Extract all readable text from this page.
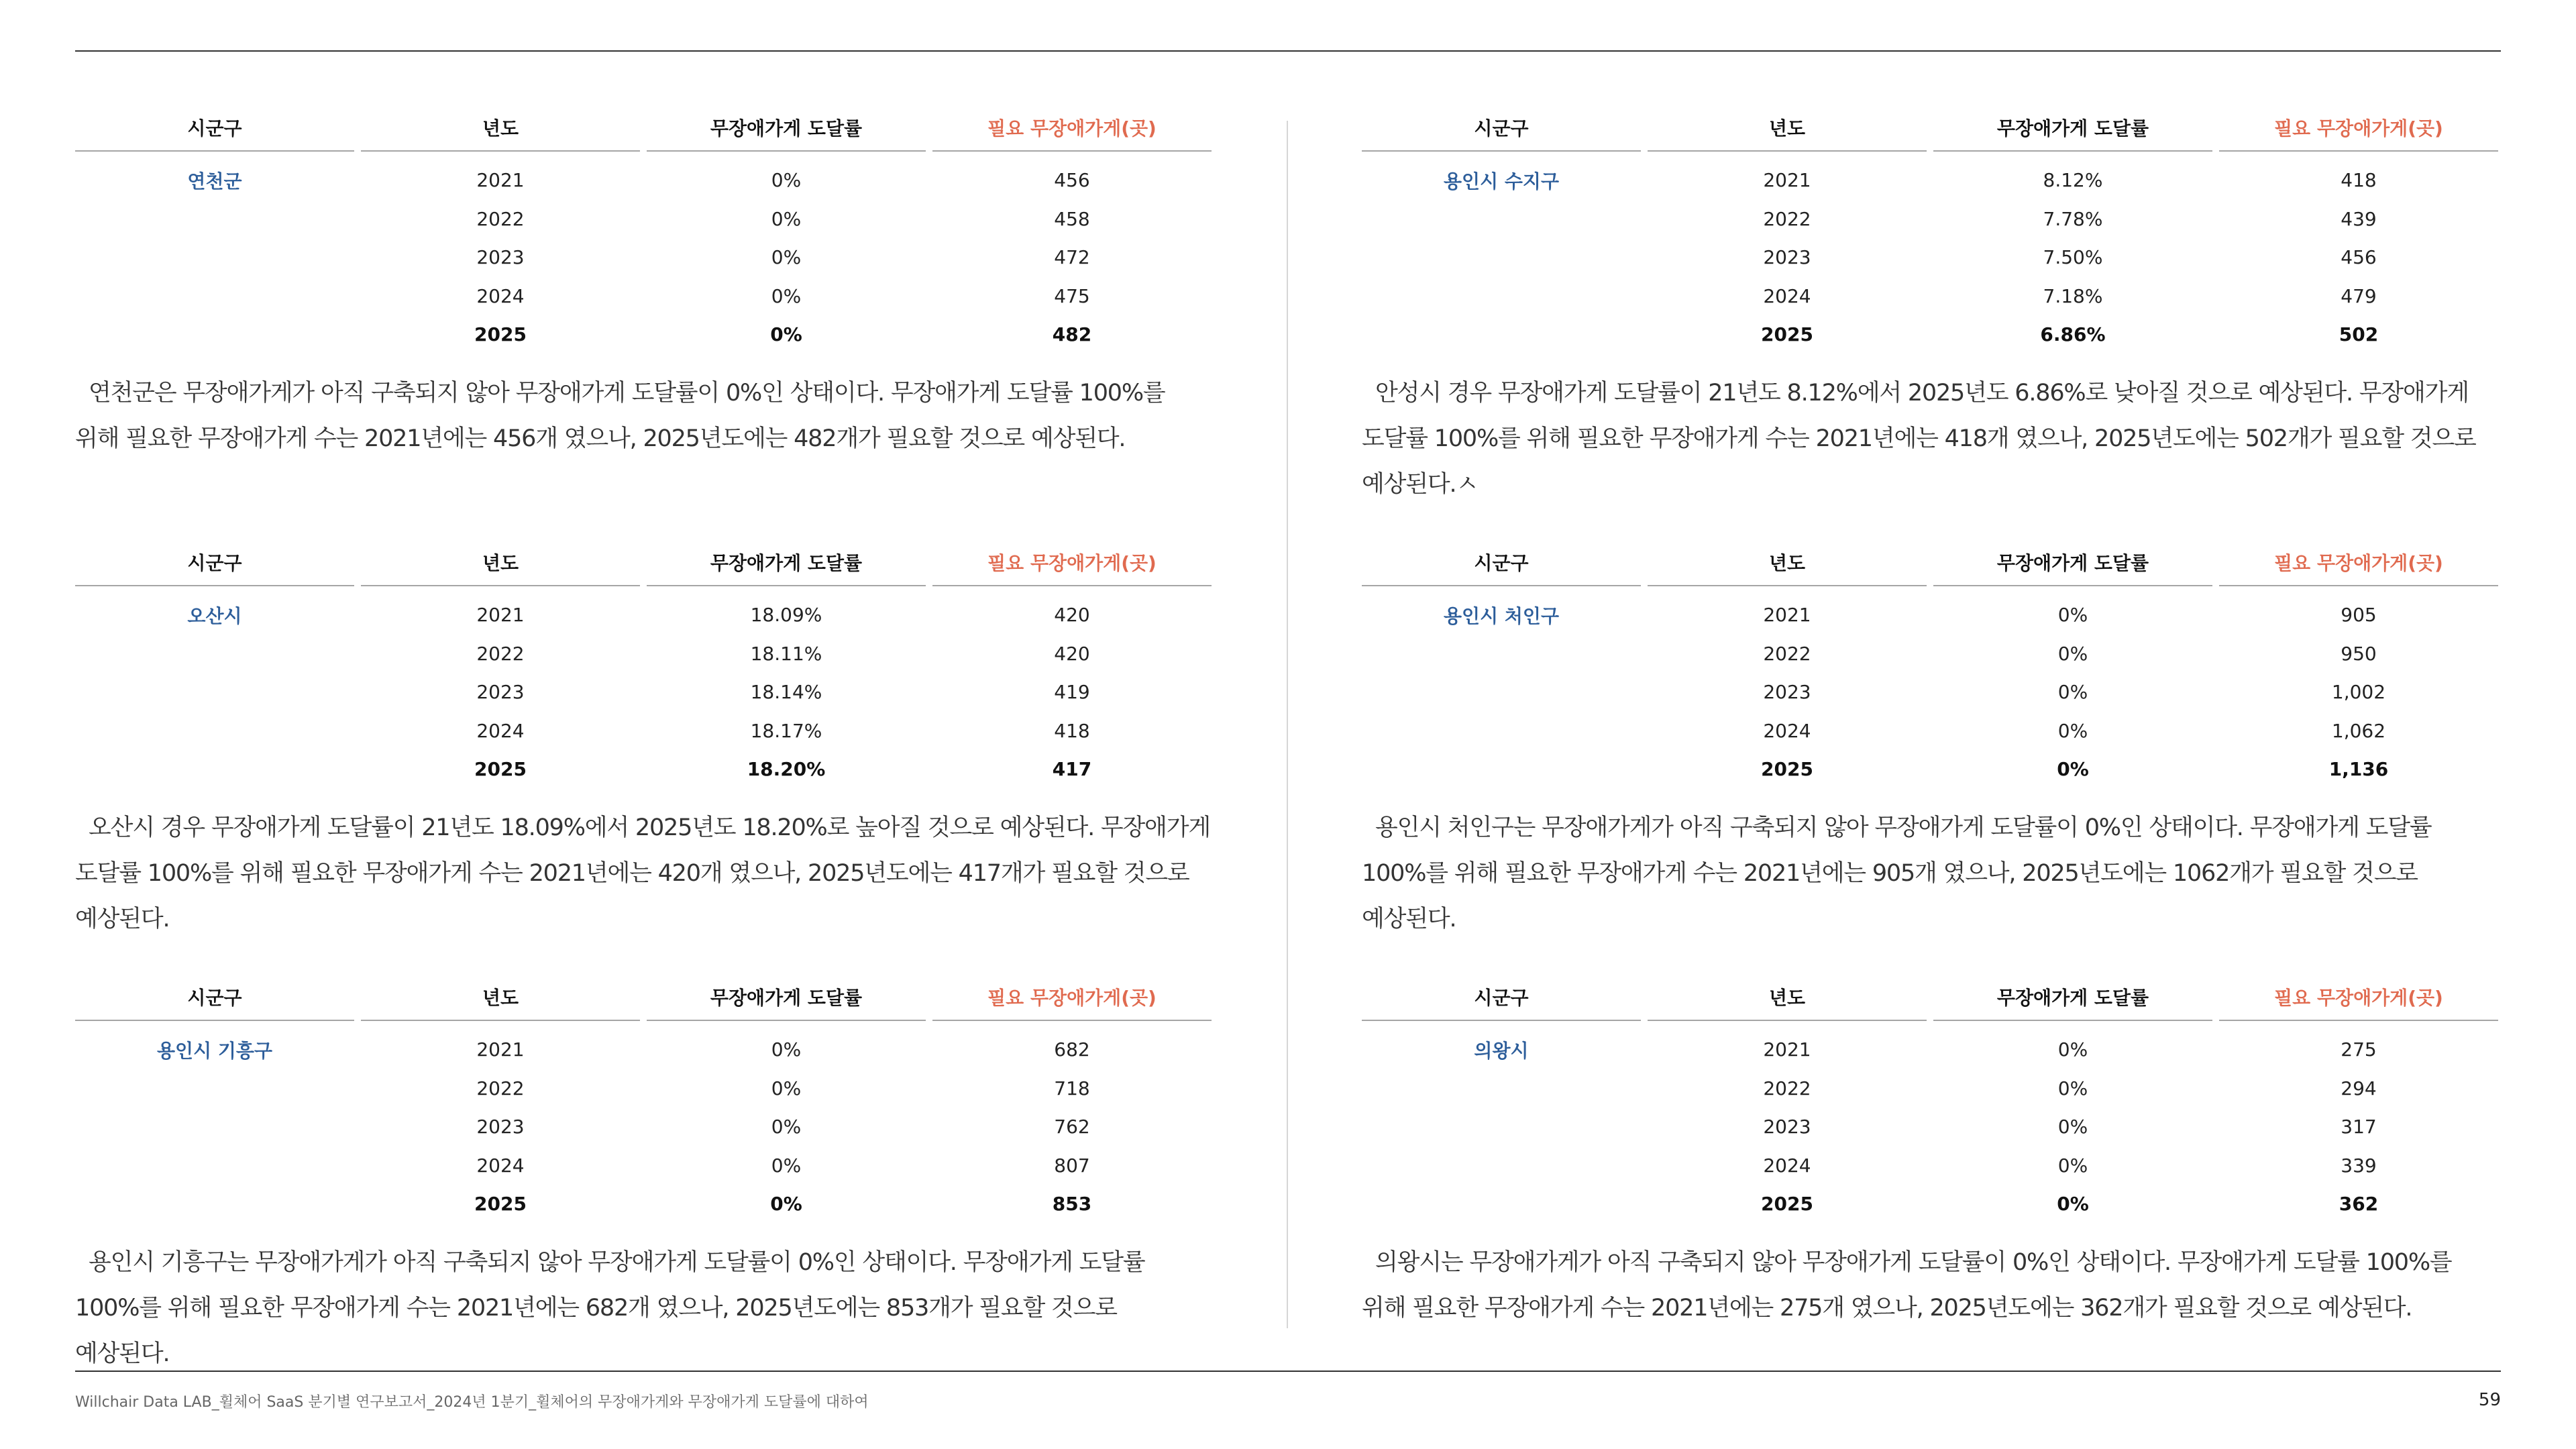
시군구	년도	무장애가게 도달률	필요 무장애가게(곳)
연천군	2021	0%	456
2022	0%	458
2023	0%	472
2024	0%	475
2025	0%	482
연천군은 무장애가게가 아직 구축되지 않아 무장애가게 도달률이 0%인 상태이다. 무장애가게 도달률 100%를 위해 필요한 무장애가게 수는 2021년에는 456개 였으나, 2025년도에는 482개가 필요할 것으로 예상된다.
시군구	년도	무장애가게 도달률	필요 무장애가게(곳)
용인시 수지구	2021	8.12%	418
2022	7.78%	439
2023	7.50%	456
2024	7.18%	479
2025	6.86%	502
안성시 경우 무장애가게 도달률이 21년도 8.12%에서 2025년도 6.86%로 낮아질 것으로 예상된다. 무장애가게 도달률 100%를 위해 필요한 무장애가게 수는 2021년에는 418개 였으나, 2025년도에는 502개가 필요할 것으로 예상된다.ㅅ
시군구	년도	무장애가게 도달률	필요 무장애가게(곳)
오산시	2021	18.09%	420
2022	18.11%	420
2023	18.14%	419
2024	18.17%	418
2025	18.20%	417
오산시 경우 무장애가게 도달률이 21년도 18.09%에서 2025년도 18.20%로 높아질 것으로 예상된다. 무장애가게 도달률 100%를 위해 필요한 무장애가게 수는 2021년에는 420개 였으나, 2025년도에는 417개가 필요할 것으로 예상된다.
시군구	년도	무장애가게 도달률	필요 무장애가게(곳)
용인시 처인구	2021	0%	905
2022	0%	950
2023	0%	1,002
2024	0%	1,062
2025	0%	1,136
용인시 처인구는 무장애가게가 아직 구축되지 않아 무장애가게 도달률이 0%인 상태이다. 무장애가게 도달률 100%를 위해 필요한 무장애가게 수는 2021년에는 905개 였으나, 2025년도에는 1062개가 필요할 것으로 예상된다.
시군구	년도	무장애가게 도달률	필요 무장애가게(곳)
용인시 기흥구	2021	0%	682
2022	0%	718
2023	0%	762
2024	0%	807
2025	0%	853
용인시 기흥구는 무장애가게가 아직 구축되지 않아 무장애가게 도달률이 0%인 상태이다. 무장애가게 도달률 100%를 위해 필요한 무장애가게 수는 2021년에는 682개 였으나, 2025년도에는 853개가 필요할 것으로 예상된다.
시군구	년도	무장애가게 도달률	필요 무장애가게(곳)
의왕시	2021	0%	275
2022	0%	294
2023	0%	317
2024	0%	339
2025	0%	362
의왕시는 무장애가게가 아직 구축되지 않아 무장애가게 도달률이 0%인 상태이다. 무장애가게 도달률 100%를 위해 필요한 무장애가게 수는 2021년에는 275개 였으나, 2025년도에는 362개가 필요할 것으로 예상된다.
Willchair Data LAB_휠체어 SaaS 분기별 연구보고서_2024년 1분기_휠체어의 무장애가게와 무장애가게 도달률에 대하여	59
